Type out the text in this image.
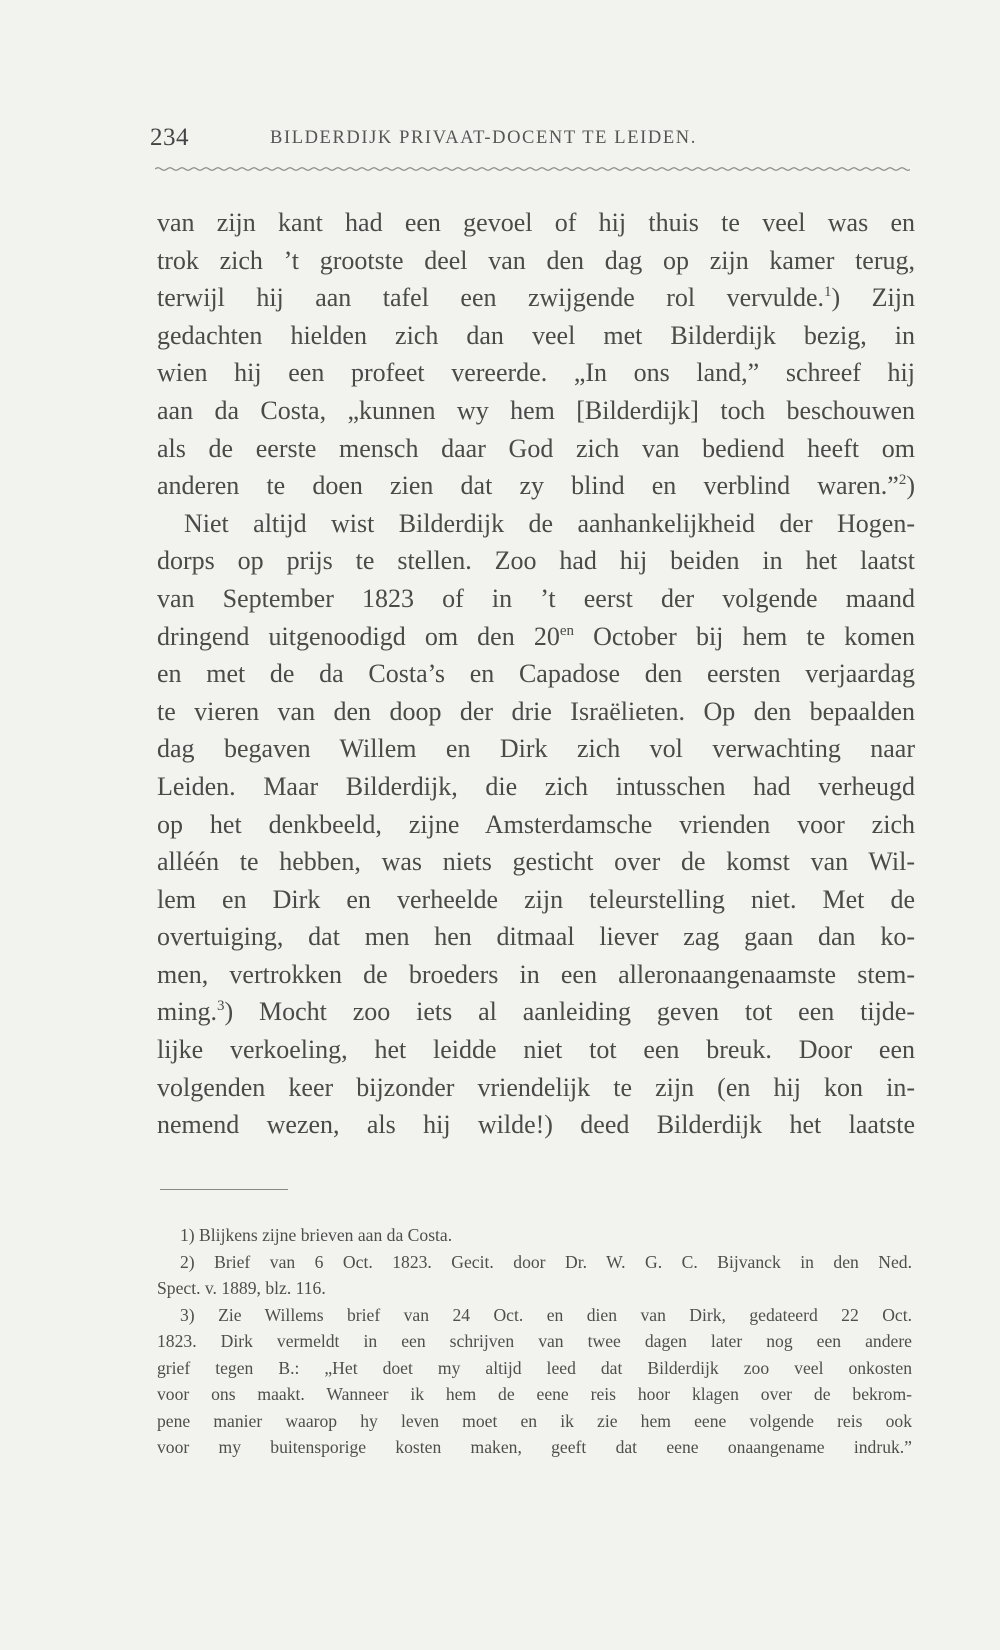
234	BILDERDIJK PRIVAAT-DOCENT TE LEIDEN.
van zijn kant had een gevoel of hij thuis te veel was en
trok zich ’t grootste deel van den dag op zijn kamer terug,
terwijl hij aan tafel een zwijgende rol vervulde.$^1$) Zijn
gedachten hielden zich dan veel met Bilderdijk bezig, in
wien hij een profeet vereerde. „In ons land,” schreef hij
aan da Costa, „kunnen wy hem [Bilderdijk] toch beschouwen
als de eerste mensch daar God zich van bediend heeft om
anderen te doen zien dat zy blind en verblind waren.”$^2$)
Niet altijd wist Bilderdijk de aanhankelijkheid der Hogen-
dorps op prijs te stellen. Zoo had hij beiden in het laatst
van September 1823 of in ’t eerst der volgende maand
dringend uitgenoodigd om den $20^{en}$ October bij hem te komen
en met de da Costa’s en Capadose den eersten verjaardag
te vieren van den doop der drie Israëlieten. Op den bepaalden
dag begaven Willem en Dirk zich vol verwachting naar
Leiden. Maar Bilderdijk, die zich intusschen had verheugd
op het denkbeeld, zijne Amsterdamsche vrienden voor zich
alléén te hebben, was niets gesticht over de komst van Wil-
lem en Dirk en verheelde zijn teleurstelling niet. Met de
overtuiging, dat men hen ditmaal liever zag gaan dan ko-
men, vertrokken de broeders in een alleronaangenaamste stem-
ming.$^3$) Mocht zoo iets al aanleiding geven tot een tijde-
lijke verkoeling, het leidde niet tot een breuk. Door een
volgenden keer bijzonder vriendelijk te zijn (en hij kon in-
nemend wezen, als hij wilde!) deed Bilderdijk het laatste
1) Blijkens zijne brieven aan da Costa.
2) Brief van 6 Oct. 1823. Gecit. door Dr. W. G. C. Bijvanck in den Ned.
Spect. v. 1889, blz. 116.
3) Zie Willems brief van 24 Oct. en dien van Dirk, gedateerd 22 Oct.
1823. Dirk vermeldt in een schrijven van twee dagen later nog een andere
grief tegen B.: „Het doet my altijd leed dat Bilderdijk zoo veel onkosten
voor ons maakt. Wanneer ik hem de eene reis hoor klagen over de bekrom-
pene manier waarop hy leven moet en ik zie hem eene volgende reis ook
voor my buitensporige kosten maken, geeft dat eene onaangename indruk.”
